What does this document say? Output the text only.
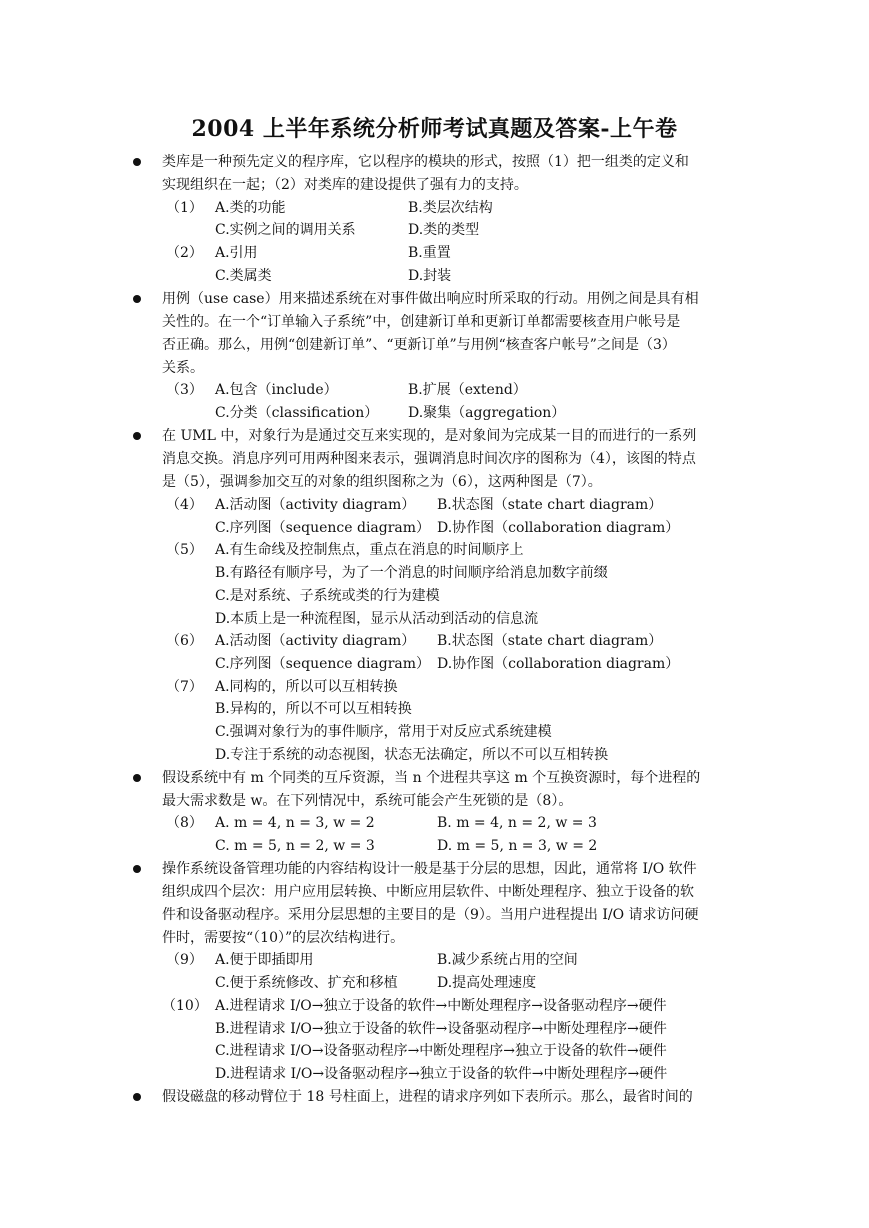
2004 上半年系统分析师考试真题及答案-上午卷
类库是一种预先定义的程序库，它以程序的模块的形式，按照（1）把一组类的定义和
实现组织在一起；（2）对类库的建设提供了强有力的支持。
（1） A.类的功能	B.类层次结构
C.实例之间的调用关系	D.类的类型
（2） A.引用	B.重置
C.类属类	D.封装
用例（use case）用来描述系统在对事件做出响应时所采取的行动。用例之间是具有相
关性的。在一个“订单输入子系统”中，创建新订单和更新订单都需要核查用户帐号是
否正确。那么，用例“创建新订单”、“更新订单”与用例“核查客户帐号”之间是（3）
关系。
（3） A.包含（include）	B.扩展（extend）
C.分类（classification） D.聚集（aggregation）
在 UML 中，对象行为是通过交互来实现的，是对象间为完成某一目的而进行的一系列
消息交换。消息序列可用两种图来表示，强调消息时间次序的图称为（4），该图的特点
是（5），强调参加交互的对象的组织图称之为（6），这两种图是（7）。
（4） A.活动图（activity diagram） B.状态图（state chart diagram）
C.序列图（sequence diagram） D.协作图（collaboration diagram）
（5） A.有生命线及控制焦点，重点在消息的时间顺序上
B.有路径有顺序号，为了一个消息的时间顺序给消息加数字前缀
C.是对系统、子系统或类的行为建模
D.本质上是一种流程图，显示从活动到活动的信息流
（6） A.活动图（activity diagram） B.状态图（state chart diagram）
C.序列图（sequence diagram） D.协作图（collaboration diagram）
（7） A.同构的，所以可以互相转换
B.异构的，所以不可以互相转换
C.强调对象行为的事件顺序，常用于对反应式系统建模
D.专注于系统的动态视图，状态无法确定，所以不可以互相转换
假设系统中有 m 个同类的互斥资源，当 n 个进程共享这 m 个互换资源时，每个进程的
最大需求数是 w。在下列情况中，系统可能会产生死锁的是（8）。
（8） A. m = 4, n = 3, w = 2	B. m = 4, n = 2, w = 3
C. m = 5, n = 2, w = 3	D. m = 5, n = 3, w = 2
操作系统设备管理功能的内容结构设计一般是基于分层的思想，因此，通常将 I/O 软件
组织成四个层次：用户应用层转换、中断应用层软件、中断处理程序、独立于设备的软
件和设备驱动程序。采用分层思想的主要目的是（9）。当用户进程提出 I/O 请求访问硬
件时，需要按“（10）”的层次结构进行。
（9） A.便于即插即用	B.减少系统占用的空间
C.便于系统修改、扩充和移植	D.提高处理速度
（10） A.进程请求 I/O→独立于设备的软件→中断处理程序→设备驱动程序→硬件
B.进程请求 I/O→独立于设备的软件→设备驱动程序→中断处理程序→硬件
C.进程请求 I/O→设备驱动程序→中断处理程序→独立于设备的软件→硬件
D.进程请求 I/O→设备驱动程序→独立于设备的软件→中断处理程序→硬件
假设磁盘的移动臂位于 18 号柱面上，进程的请求序列如下表所示。那么，最省时间的
